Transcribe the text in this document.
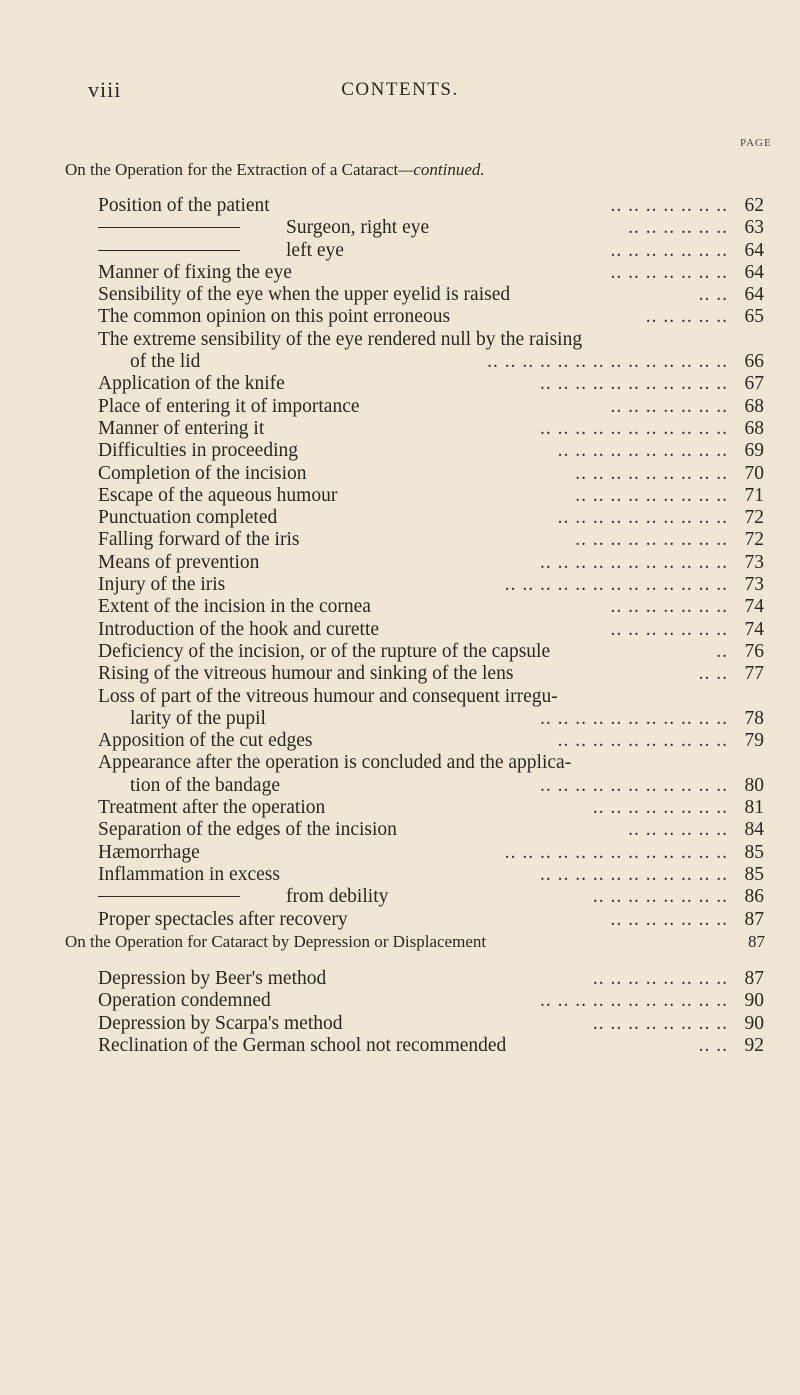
viii	CONTENTS.
PAGE
On the Operation for the Extraction of a Cataract—continued.
Position of the patient	.. .. .. .. .. .. .. 62
Surgeon, right eye	.. .. .. .. .. .. 63
left eye	.. .. .. .. .. .. .. 64
Manner of fixing the eye	.. .. .. .. .. .. .. 64
Sensibility of the eye when the upper eyelid is raised	.. .. 64
The common opinion on this point erroneous	.. .. .. .. .. 65
The extreme sensibility of the eye rendered null by the raising
of the lid	.. .. .. .. .. .. .. .. .. .. .. .. .. .. 66
Application of the knife	.. .. .. .. .. .. .. .. .. .. .. 67
Place of entering it of importance	.. .. .. .. .. .. .. 68
Manner of entering it	.. .. .. .. .. .. .. .. .. .. .. 68
Difficulties in proceeding	.. .. .. .. .. .. .. .. .. .. 69
Completion of the incision	.. .. .. .. .. .. .. .. .. 70
Escape of the aqueous humour	.. .. .. .. .. .. .. .. .. 71
Punctuation completed	.. .. .. .. .. .. .. .. .. .. 72
Falling forward of the iris	.. .. .. .. .. .. .. .. .. 72
Means of prevention	.. .. .. .. .. .. .. .. .. .. .. 73
Injury of the iris	.. .. .. .. .. .. .. .. .. .. .. .. .. 73
Extent of the incision in the cornea	.. .. .. .. .. .. .. 74
Introduction of the hook and curette	.. .. .. .. .. .. .. 74
Deficiency of the incision, or of the rupture of the capsule	.. 76
Rising of the vitreous humour and sinking of the lens	.. .. 77
Loss of part of the vitreous humour and consequent irregu-
larity of the pupil	.. .. .. .. .. .. .. .. .. .. .. 78
Apposition of the cut edges	.. .. .. .. .. .. .. .. .. .. 79
Appearance after the operation is concluded and the applica-
tion of the bandage	.. .. .. .. .. .. .. .. .. .. .. 80
Treatment after the operation	.. .. .. .. .. .. .. .. 81
Separation of the edges of the incision	.. .. .. .. .. .. 84
Hæmorrhage	.. .. .. .. .. .. .. .. .. .. .. .. .. 85
Inflammation in excess	.. .. .. .. .. .. .. .. .. .. .. 85
from debility	.. .. .. .. .. .. .. .. 86
Proper spectacles after recovery	.. .. .. .. .. .. .. 87
On the Operation for Cataract by Depression or Displacement	87
Depression by Beer's method	.. .. .. .. .. .. .. .. 87
Operation condemned	.. .. .. .. .. .. .. .. .. .. .. 90
Depression by Scarpa's method	.. .. .. .. .. .. .. .. 90
Reclination of the German school not recommended	.. .. 92
